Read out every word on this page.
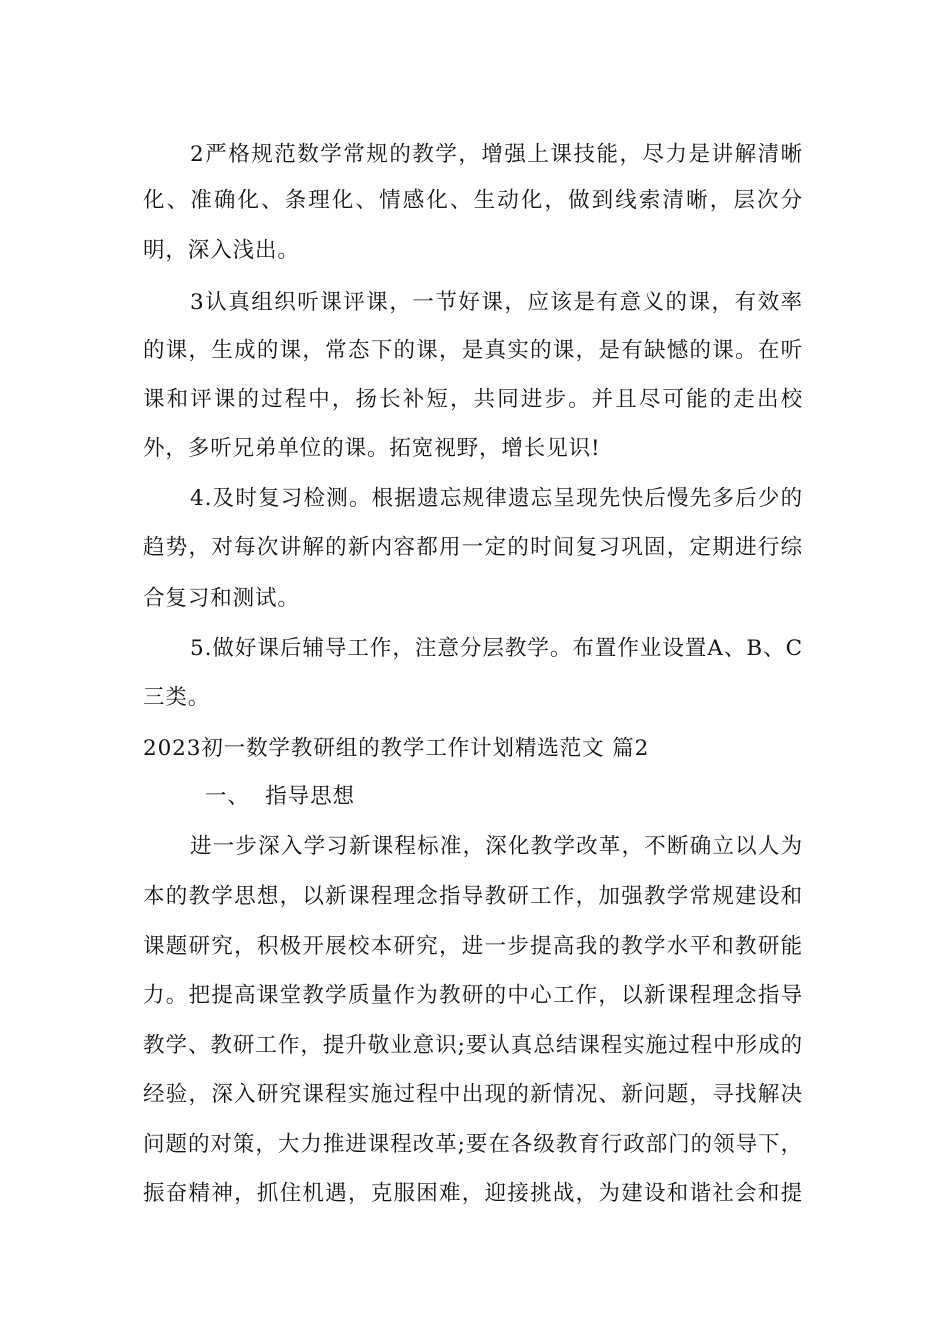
2严格规范数学常规的教学，增强上课技能，尽力是讲解清晰
化、准确化、条理化、情感化、生动化，做到线索清晰，层次分
明，深入浅出。
3认真组织听课评课，一节好课，应该是有意义的课，有效率
的课，生成的课，常态下的课，是真实的课，是有缺憾的课。在听
课和评课的过程中，扬长补短，共同进步。并且尽可能的走出校
外，多听兄弟单位的课。拓宽视野，增长见识!
4.及时复习检测。根据遗忘规律遗忘呈现先快后慢先多后少的
趋势，对每次讲解的新内容都用一定的时间复习巩固，定期进行综
合复习和测试。
5.做好课后辅导工作，注意分层教学。布置作业设置A、B、C
三类。
2023初一数学教研组的教学工作计划精选范文 篇2
一、  指导思想
进一步深入学习新课程标准，深化教学改革，不断确立以人为
本的教学思想，以新课程理念指导教研工作，加强教学常规建设和
课题研究，积极开展校本研究，进一步提高我的教学水平和教研能
力。把提高课堂教学质量作为教研的中心工作，以新课程理念指导
教学、教研工作，提升敬业意识;要认真总结课程实施过程中形成的
经验，深入研究课程实施过程中出现的新情况、新问题，寻找解决
问题的对策，大力推进课程改革;要在各级教育行政部门的领导下，
振奋精神，抓住机遇，克服困难，迎接挑战，为建设和谐社会和提
